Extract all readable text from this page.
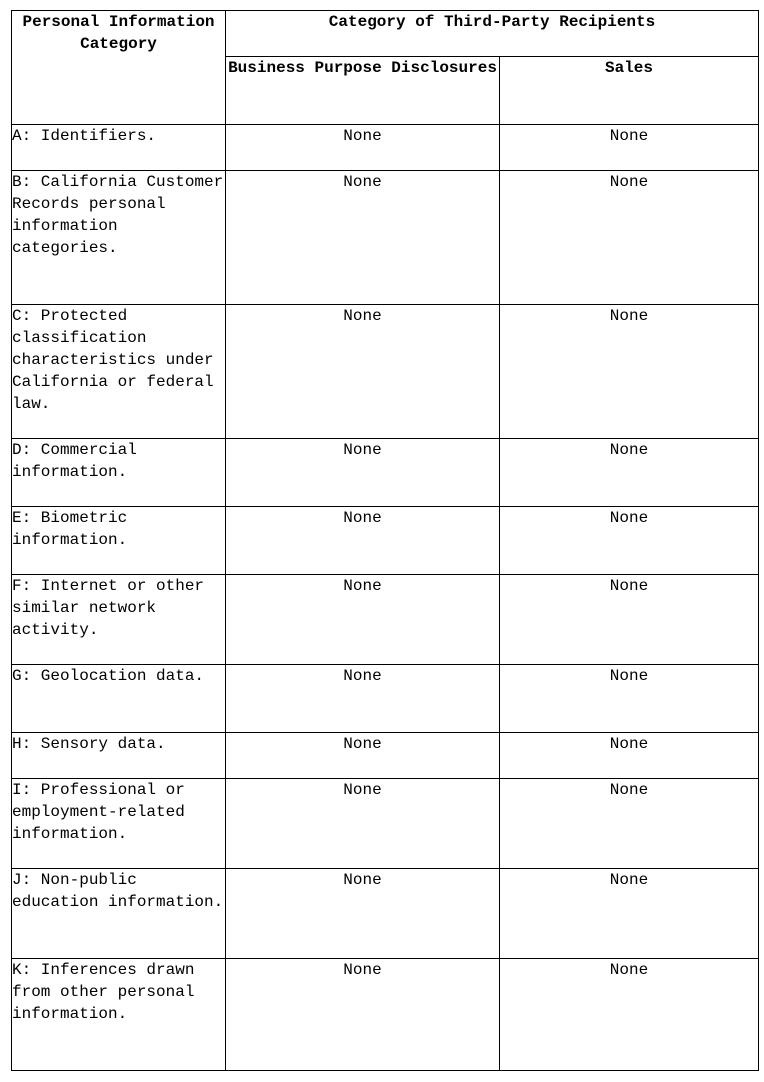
Personal Information Category	Category of Third-Party Recipients	
	Business Purpose Disclosures	Sales
A: Identifiers.	None	None
B: California Customer Records personal information categories.	None	None
C: Protected classification characteristics under California or federal law.	None	None
D: Commercial information.	None	None
E: Biometric information.	None	None
F: Internet or other similar network activity.	None	None
G: Geolocation data.	None	None
H: Sensory data.	None	None
I: Professional or employment-related information.	None	None
J: Non-public education information.	None	None
K: Inferences drawn from other personal information.	None	None
